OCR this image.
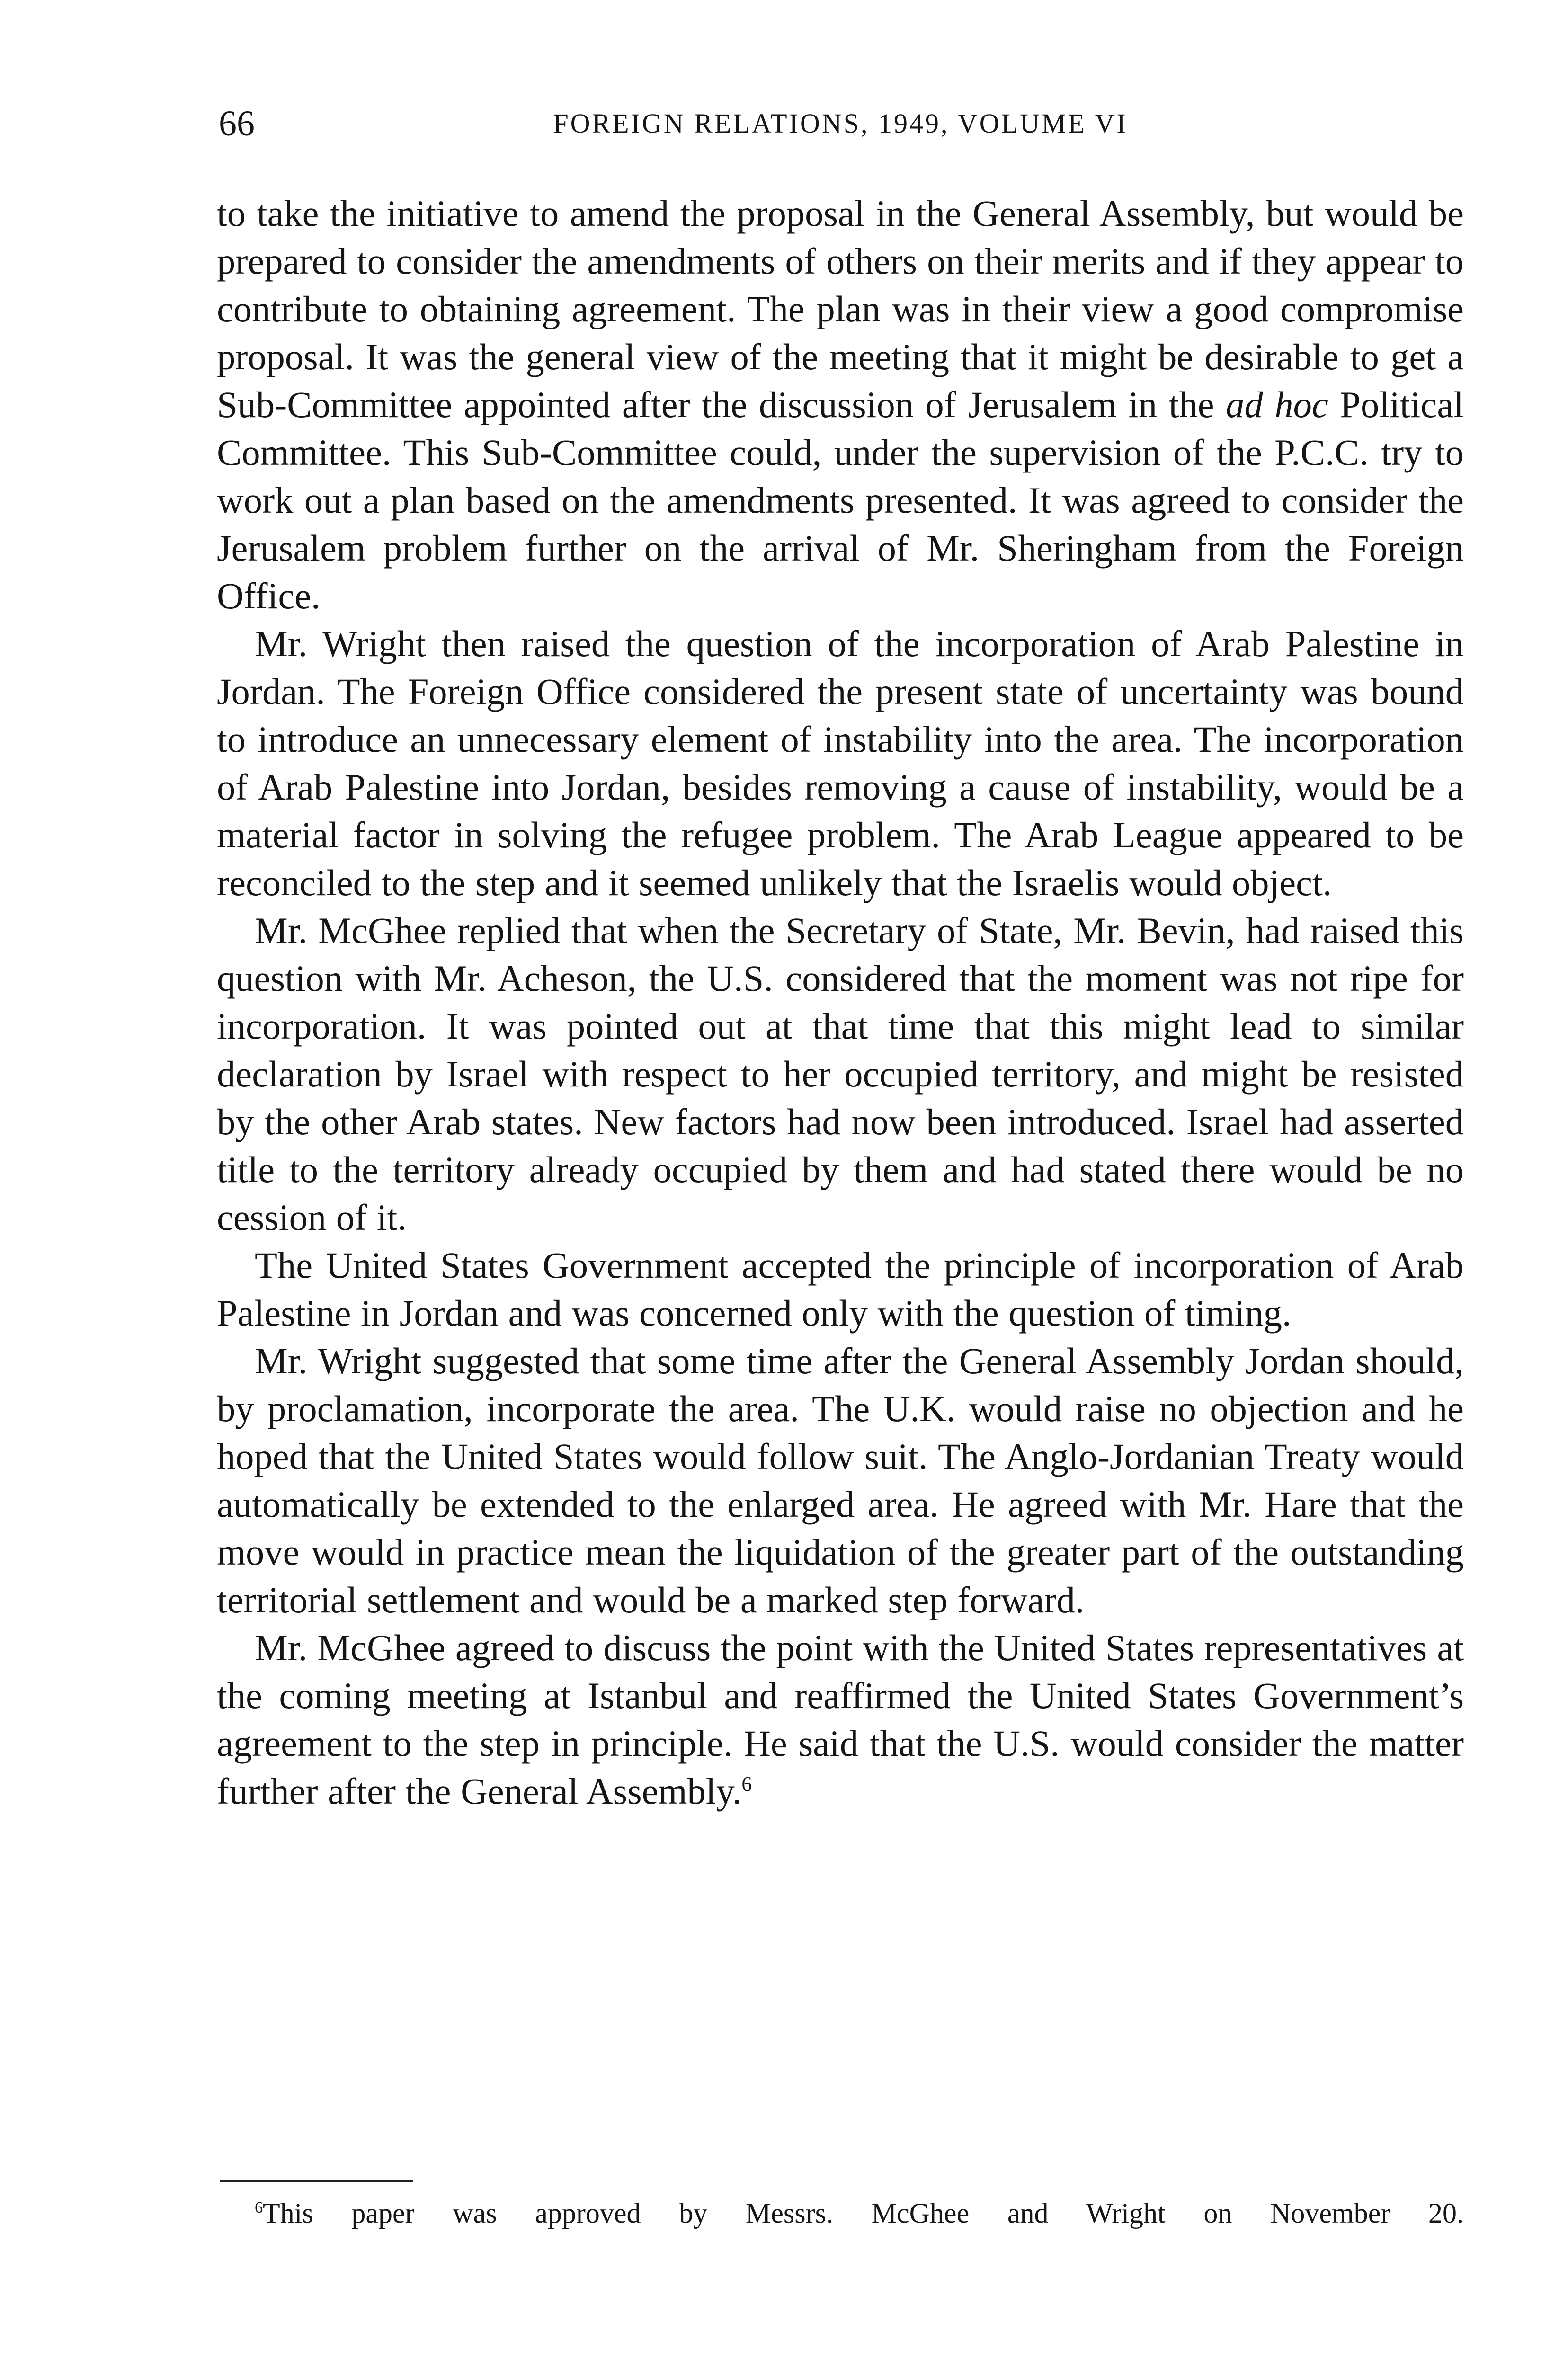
66	FOREIGN RELATIONS, 1949, VOLUME VI

to take the initiative to amend the proposal in the General Assembly, but would be prepared to consider the amendments of others on their merits and if they appear to contribute to obtaining agreement. The plan was in their view a good compromise proposal. It was the general view of the meeting that it might be desirable to get a Sub-Committee appointed after the discussion of Jerusalem in the ad hoc Political Committee. This Sub-Committee could, under the supervision of the P.C.C. try to work out a plan based on the amendments presented. It was agreed to consider the Jerusalem problem further on the arrival of Mr. Sheringham from the Foreign Office.

Mr. Wright then raised the question of the incorporation of Arab Palestine in Jordan. The Foreign Office considered the present state of uncertainty was bound to introduce an unnecessary element of instability into the area. The incorporation of Arab Palestine into Jordan, besides removing a cause of instability, would be a material factor in solving the refugee problem. The Arab League appeared to be reconciled to the step and it seemed unlikely that the Israelis would object.

Mr. McGhee replied that when the Secretary of State, Mr. Bevin, had raised this question with Mr. Acheson, the U.S. considered that the moment was not ripe for incorporation. It was pointed out at that time that this might lead to similar declaration by Israel with respect to her occupied territory, and might be resisted by the other Arab states. New factors had now been introduced. Israel had asserted title to the territory already occupied by them and had stated there would be no cession of it.

The United States Government accepted the principle of incorporation of Arab Palestine in Jordan and was concerned only with the question of timing.

Mr. Wright suggested that some time after the General Assembly Jordan should, by proclamation, incorporate the area. The U.K. would raise no objection and he hoped that the United States would follow suit. The Anglo-Jordanian Treaty would automatically be extended to the enlarged area. He agreed with Mr. Hare that the move would in practice mean the liquidation of the greater part of the outstanding territorial settlement and would be a marked step forward.

Mr. McGhee agreed to discuss the point with the United States representatives at the coming meeting at Istanbul and reaffirmed the United States Government’s agreement to the step in principle. He said that the U.S. would consider the matter further after the General Assembly.$^6$

$^6$This paper was approved by Messrs. McGhee and Wright on November 20.
